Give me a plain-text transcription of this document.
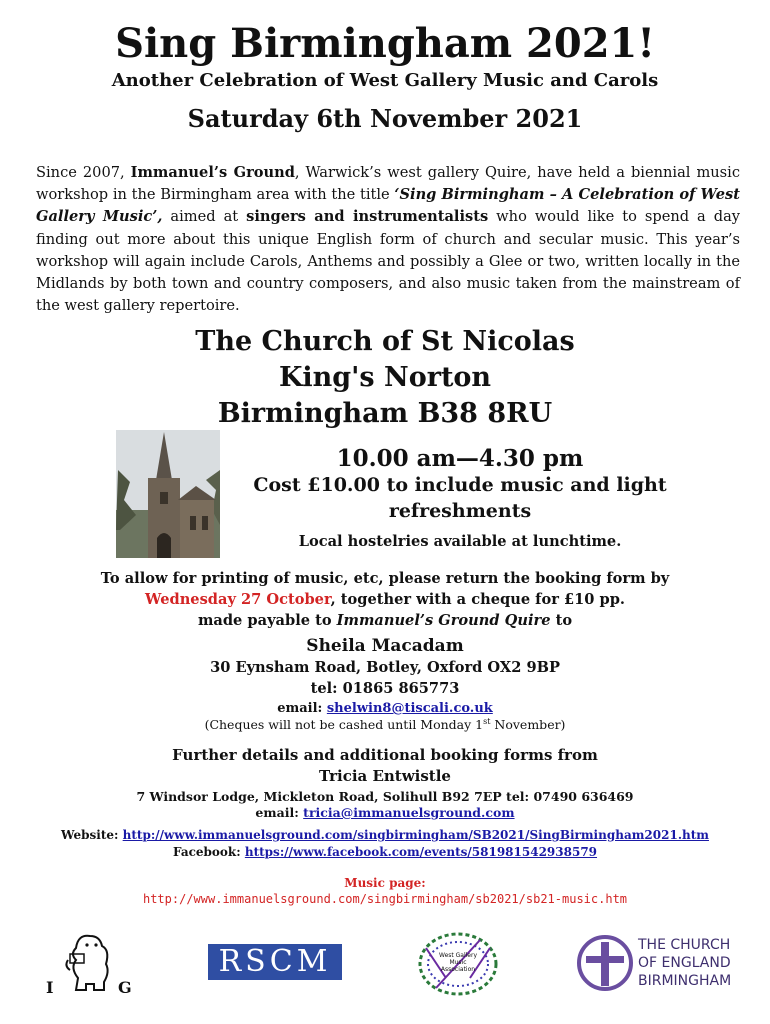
Sing Birmingham 2021!
Another Celebration of West Gallery Music and Carols
Saturday 6th November 2021
Since 2007, Immanuel’s Ground, Warwick’s west gallery Quire, have held a biennial music workshop in the Birmingham area with the title ‘Sing Birmingham – A Celebration of West Gallery Music’, aimed at singers and instrumentalists who would like to spend a day finding out more about this unique English form of church and secular music. This year’s workshop will again include Carols, Anthems and possibly a Glee or two, written locally in the Midlands by both town and country composers, and also music taken from the mainstream of the west gallery repertoire.
The Church of St Nicolas
King's Norton
Birmingham B38 8RU
10.00 am—4.30 pm
Cost £10.00 to include music and light refreshments
Local hostelries available at lunchtime.
To allow for printing of music, etc, please return the booking form by
Wednesday 27 October, together with a cheque for £10 pp.
made payable to Immanuel’s Ground Quire to
Sheila Macadam
30 Eynsham Road, Botley, Oxford OX2 9BP
tel: 01865 865773
email: shelwin8@tiscali.co.uk
(Cheques will not be cashed until Monday 1st November)
Further details and additional booking forms from
Tricia Entwistle
7 Windsor Lodge, Mickleton Road, Solihull B92 7EP tel: 07490 636469
email: tricia@immanuelsground.com
Website: http://www.immanuelsground.com/singbirmingham/SB2021/SingBirmingham2021.htm
Facebook: https://www.facebook.com/events/581981542938579
Music page:
http://www.immanuelsground.com/singbirmingham/sb2021/sb21-music.htm
I	G
RSCM	West Gallery Music Association
THE CHURCH
OF ENGLAND
BIRMINGHAM
